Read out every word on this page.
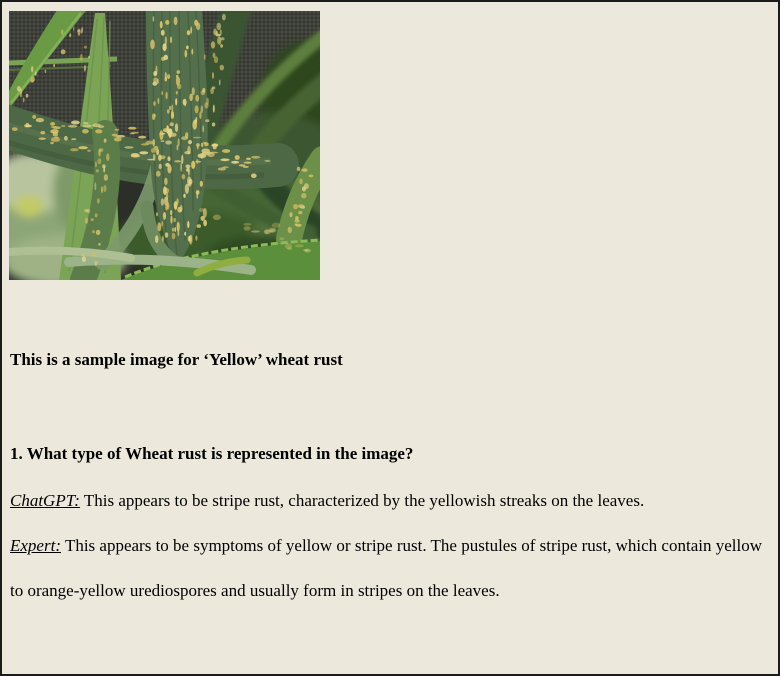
This is a sample image for ‘Yellow’ wheat rust
1. What type of Wheat rust is represented in the image?
ChatGPT: This appears to be stripe rust, characterized by the yellowish streaks on the leaves.
Expert: This appears to be symptoms of yellow or stripe rust. The pustules of stripe rust, which contain yellow to orange-yellow urediospores and usually form in stripes on the leaves.
